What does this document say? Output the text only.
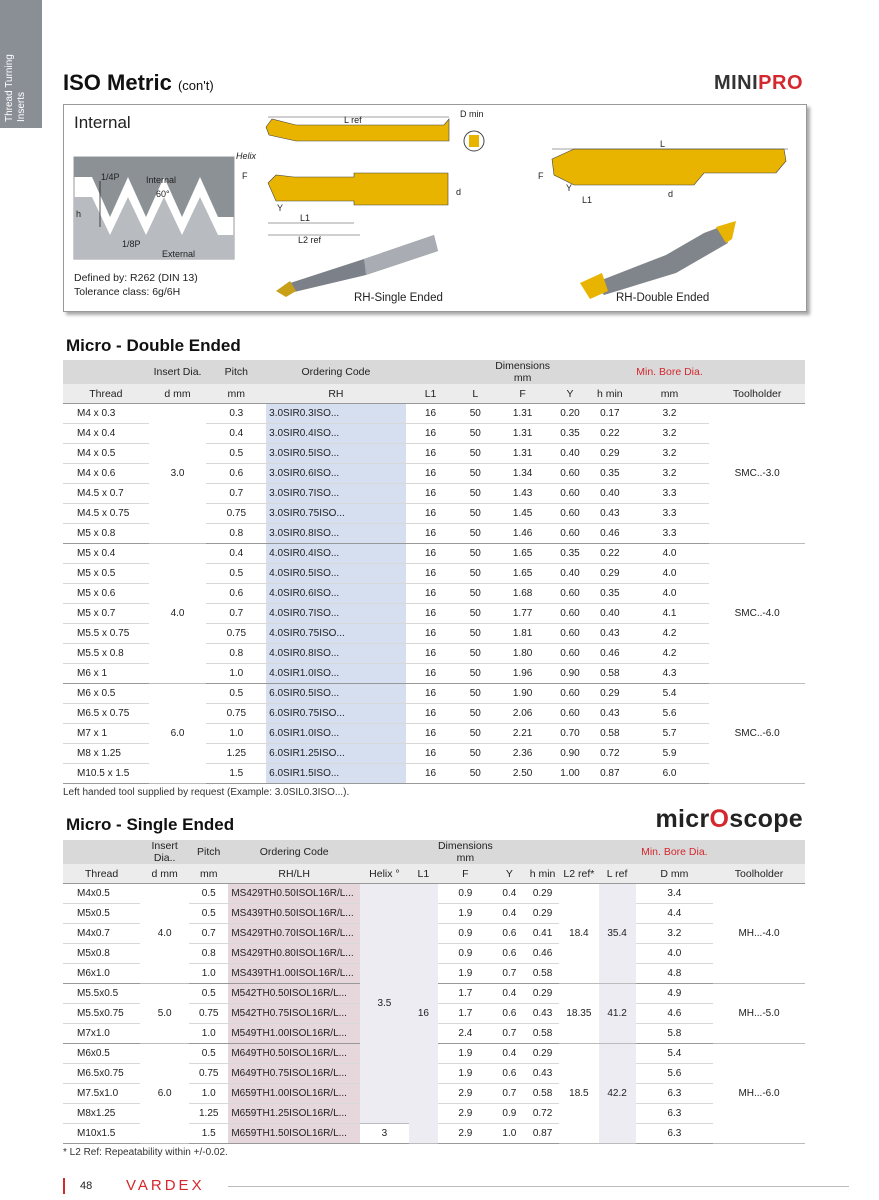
Thread Turning
Inserts
ISO Metric (con't)	MINIPRO
Internal
1/4P	Internal
60°
h
1/8P
External
L ref
D min
Helix
F
Y
d
L1
L2 ref
L
F
Y
L1
d
Defined by: R262 (DIN 13)
Tolerance class: 6g/6H	RH-Single Ended	RH-Double Ended
Micro - Double Ended
	Insert Dia.	Pitch	Ordering Code			Dimensions mm			Min. Bore Dia.	
Thread	d mm	mm	RH	L1	L	F	Y	h min	mm	Toolholder
M4 x 0.3	3.0	0.3	3.0SIR0.3ISO...	16	50	1.31	0.20	0.17	3.2	SMC..-3.0
M4 x 0.4		0.4	3.0SIR0.4ISO...	16	50	1.31	0.35	0.22	3.2	
M4 x 0.5		0.5	3.0SIR0.5ISO...	16	50	1.31	0.40	0.29	3.2	
M4 x 0.6		0.6	3.0SIR0.6ISO...	16	50	1.34	0.60	0.35	3.2	
M4.5 x 0.7		0.7	3.0SIR0.7ISO...	16	50	1.43	0.60	0.40	3.3	
M4.5 x 0.75		0.75	3.0SIR0.75ISO...	16	50	1.45	0.60	0.43	3.3	
M5 x 0.8		0.8	3.0SIR0.8ISO...	16	50	1.46	0.60	0.46	3.3	
M5 x 0.4	4.0	0.4	4.0SIR0.4ISO...	16	50	1.65	0.35	0.22	4.0	SMC..-4.0
M5 x 0.5		0.5	4.0SIR0.5ISO...	16	50	1.65	0.40	0.29	4.0	
M5 x 0.6		0.6	4.0SIR0.6ISO...	16	50	1.68	0.60	0.35	4.0	
M5 x 0.7		0.7	4.0SIR0.7ISO...	16	50	1.77	0.60	0.40	4.1	
M5.5 x 0.75		0.75	4.0SIR0.75ISO...	16	50	1.81	0.60	0.43	4.2	
M5.5 x 0.8		0.8	4.0SIR0.8ISO...	16	50	1.80	0.60	0.46	4.2	
M6 x 1		1.0	4.0SIR1.0ISO...	16	50	1.96	0.90	0.58	4.3	
M6 x 0.5	6.0	0.5	6.0SIR0.5ISO...	16	50	1.90	0.60	0.29	5.4	SMC..-6.0
M6.5 x 0.75		0.75	6.0SIR0.75ISO...	16	50	2.06	0.60	0.43	5.6	
M7 x 1		1.0	6.0SIR1.0ISO...	16	50	2.21	0.70	0.58	5.7	
M8 x 1.25		1.25	6.0SIR1.25ISO...	16	50	2.36	0.90	0.72	5.9	
M10.5 x 1.5		1.5	6.0SIR1.5ISO...	16	50	2.50	1.00	0.87	6.0	
Left handed tool supplied by request (Example: 3.0SIL0.3ISO...).
Micro - Single Ended	micrOscope
	Insert Dia..	Pitch	Ordering Code			Dimensions mm					Min. Bore Dia.	
Thread	d mm	mm	RH/LH	Helix °	L1	F	Y	h min	L2 ref*	L ref	D mm	Toolholder
M4x0.5	4.0	0.5	MS429TH0.50ISOL16R/L...	3.5	16	0.9	0.4	0.29	18.4	35.4	3.4	MH...-4.0
M5x0.5		0.5	MS439TH0.50ISOL16R/L...			1.9	0.4	0.29			4.4	
M4x0.7		0.7	MS429TH0.70ISOL16R/L...			0.9	0.6	0.41			3.2	
M5x0.8		0.8	MS429TH0.80ISOL16R/L...			0.9	0.6	0.46			4.0	
M6x1.0		1.0	MS439TH1.00ISOL16R/L...			1.9	0.7	0.58			4.8	
M5.5x0.5	5.0	0.5	M542TH0.50ISOL16R/L...			1.7	0.4	0.29	18.35	41.2	4.9	MH...-5.0
M5.5x0.75		0.75	M542TH0.75ISOL16R/L...			1.7	0.6	0.43			4.6	
M7x1.0		1.0	M549TH1.00ISOL16R/L...			2.4	0.7	0.58			5.8	
M6x0.5	6.0	0.5	M649TH0.50ISOL16R/L...			1.9	0.4	0.29	18.5	42.2	5.4	MH...-6.0
M6.5x0.75		0.75	M649TH0.75ISOL16R/L...			1.9	0.6	0.43			5.6	
M7.5x1.0		1.0	M659TH1.00ISOL16R/L...			2.9	0.7	0.58			6.3	
M8x1.25		1.25	M659TH1.25ISOL16R/L...			2.9	0.9	0.72			6.3	
M10x1.5		1.5	M659TH1.50ISOL16R/L...	3		2.9	1.0	0.87			6.3	
* L2 Ref: Repeatability within +/-0.02.
48 VARDEX
